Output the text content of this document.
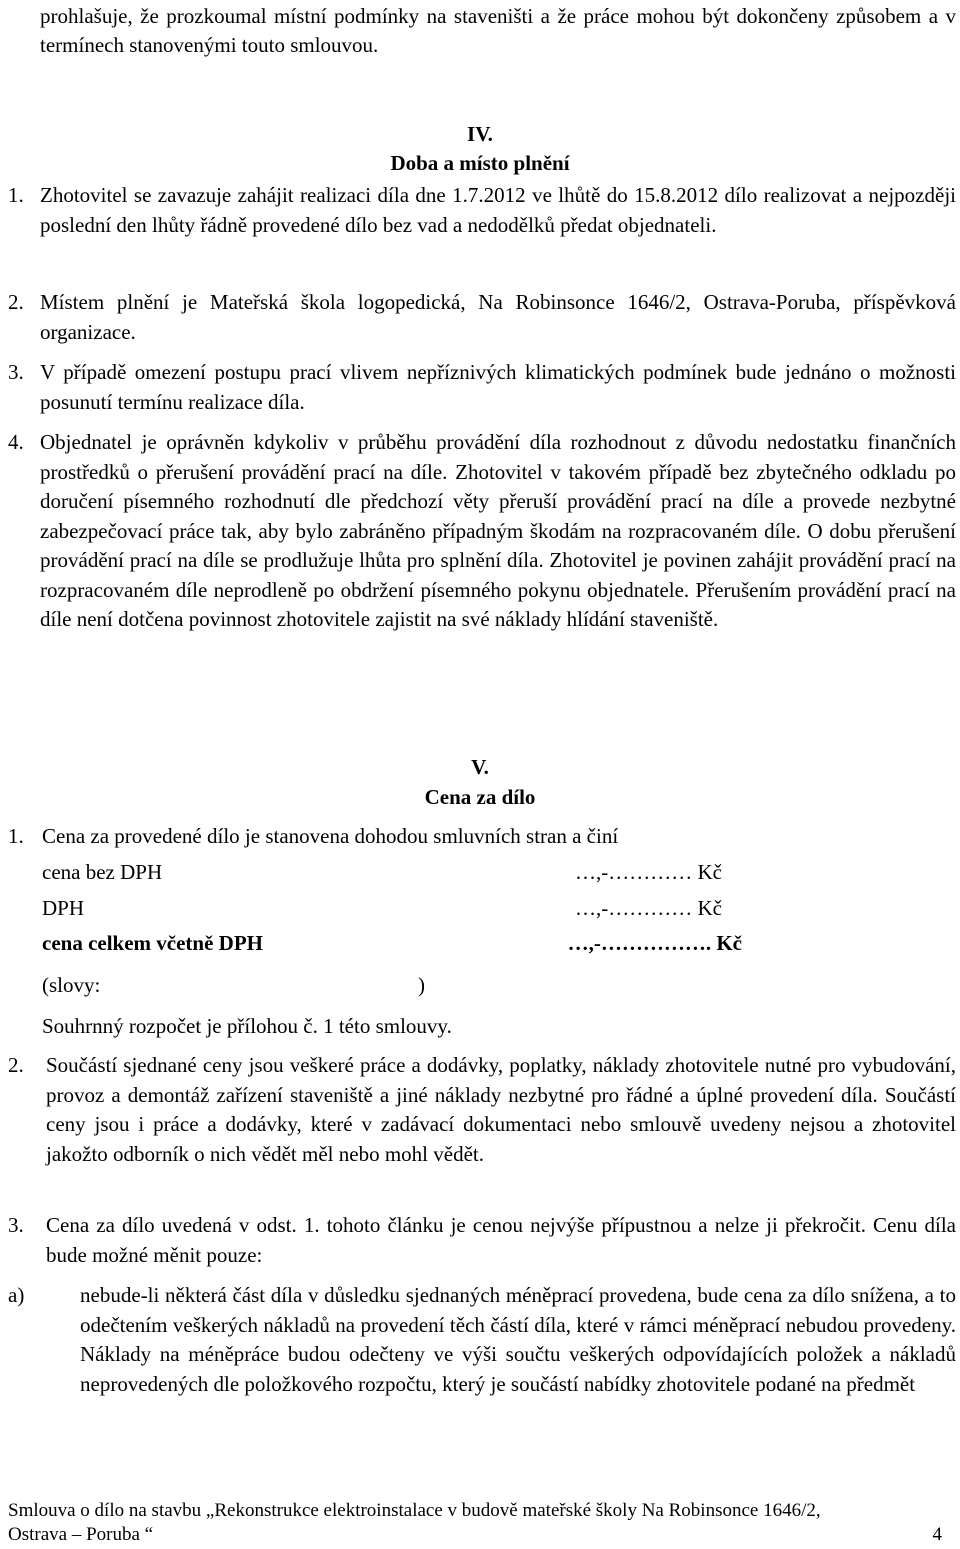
prohlašuje, že prozkoumal místní podmínky na staveništi a že práce mohou být dokončeny způsobem a v termínech stanovenými touto smlouvou.

IV.

Doba a místo plnění

1. Zhotovitel se zavazuje zahájit realizaci díla dne 1.7.2012 ve lhůtě do 15.8.2012 dílo realizovat a nejpozději poslední den lhůty řádně provedené dílo bez vad a nedodělků předat objednateli.
2. Místem plnění je Mateřská škola logopedická, Na Robinsonce 1646/2, Ostrava-Poruba, příspěvková organizace.
3. V případě omezení postupu prací vlivem nepříznivých klimatických podmínek bude jednáno o možnosti posunutí termínu realizace díla.
4. Objednatel je oprávněn kdykoliv v průběhu provádění díla rozhodnout z důvodu nedostatku finančních prostředků o přerušení provádění prací na díle. Zhotovitel v takovém případě bez zbytečného odkladu po doručení písemného rozhodnutí dle předchozí věty přeruší provádění prací na díle a provede nezbytné zabezpečovací práce tak, aby bylo zabráněno případným škodám na rozpracovaném díle. O dobu přerušení provádění prací na díle se prodlužuje lhůta pro splnění díla. Zhotovitel je povinen zahájit provádění prací na rozpracovaném díle neprodleně po obdržení písemného pokynu objednatele. Přerušením provádění prací na díle není dotčena povinnost zhotovitele zajistit na své náklady hlídání staveniště.

V.

Cena za dílo

1. Cena za provedené dílo je stanovena dohodou smluvních stran a činí
cena bez DPH	…,-………… Kč
DPH	…,-………… Kč
cena celkem včetně DPH	…,-……………. Kč
(slovy:	)
Souhrnný rozpočet je přílohou č. 1 této smlouvy.
2. Součástí sjednané ceny jsou veškeré práce a dodávky, poplatky, náklady zhotovitele nutné pro vybudování, provoz a demontáž zařízení staveniště a jiné náklady nezbytné pro řádné a úplné provedení díla. Součástí ceny jsou i práce a dodávky, které v zadávací dokumentaci nebo smlouvě uvedeny nejsou a zhotovitel jakožto odborník o nich vědět měl nebo mohl vědět.
3. Cena za dílo uvedená v odst. 1. tohoto článku je cenou nejvýše přípustnou a nelze ji překročit. Cenu díla bude možné měnit pouze:
a)	nebude-li některá část díla v důsledku sjednaných méněprací provedena, bude cena za dílo snížena, a to odečtením veškerých nákladů na provedení těch částí díla, které v rámci méněprací nebudou provedeny. Náklady na méněpráce budou odečteny ve výši součtu veškerých odpovídajících položek a nákladů neprovedených dle položkového rozpočtu, který je součástí nabídky zhotovitele podané na předmět
Smlouva o dílo na stavbu „Rekonstrukce elektroinstalace v budově mateřské školy Na Robinsonce 1646/2,
Ostrava – Poruba “	4
